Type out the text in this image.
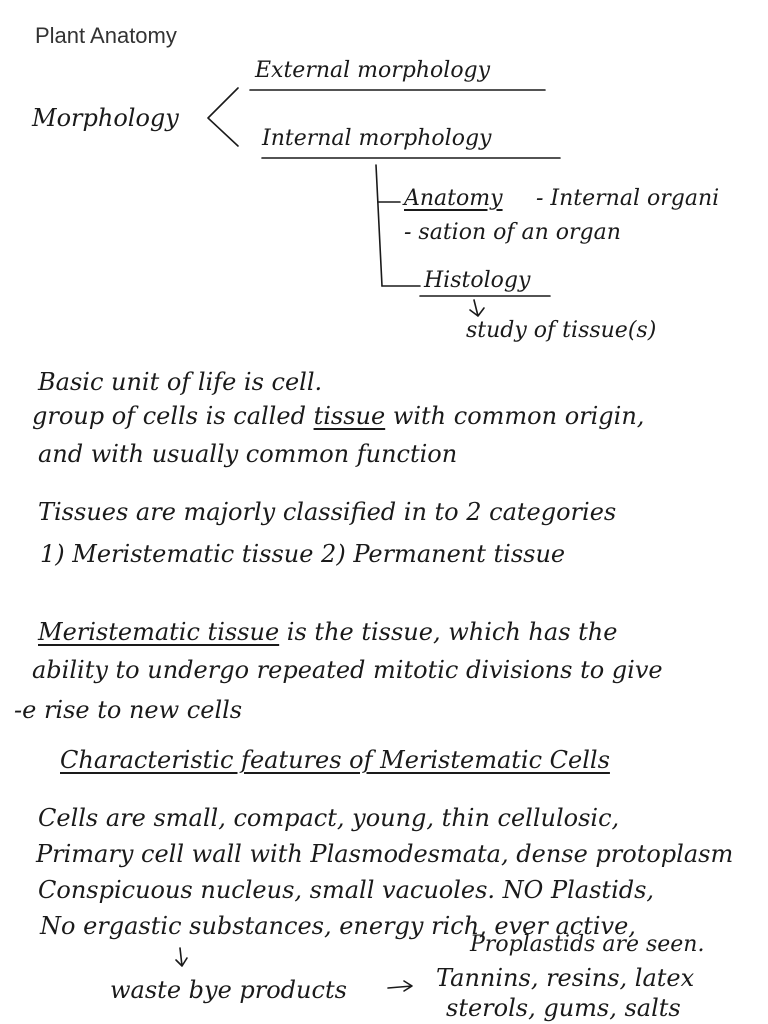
Plant Anatomy
Morphology
External morphology
Internal morphology
Anatomy - Internal organi
- sation of an organ
Histology
study of tissue(s)
Basic unit of life is cell.
group of cells is called tissue with common origin,
and with usually common function
Tissues are majorly classified in to 2 categories
1) Meristematic tissue 2) Permanent tissue
Meristematic tissue is the tissue, which has the
ability to undergo repeated mitotic divisions to give
-e rise to new cells
Characteristic features of Meristematic Cells
Cells are small, compact, young, thin cellulosic,
Primary cell wall with Plasmodesmata, dense protoplasm
Conspicuous nucleus, small vacuoles. NO Plastids,
No ergastic substances, energy rich, ever active,
Proplastids are seen.
waste bye products	Tannins, resins, latex
sterols, gums, salts
